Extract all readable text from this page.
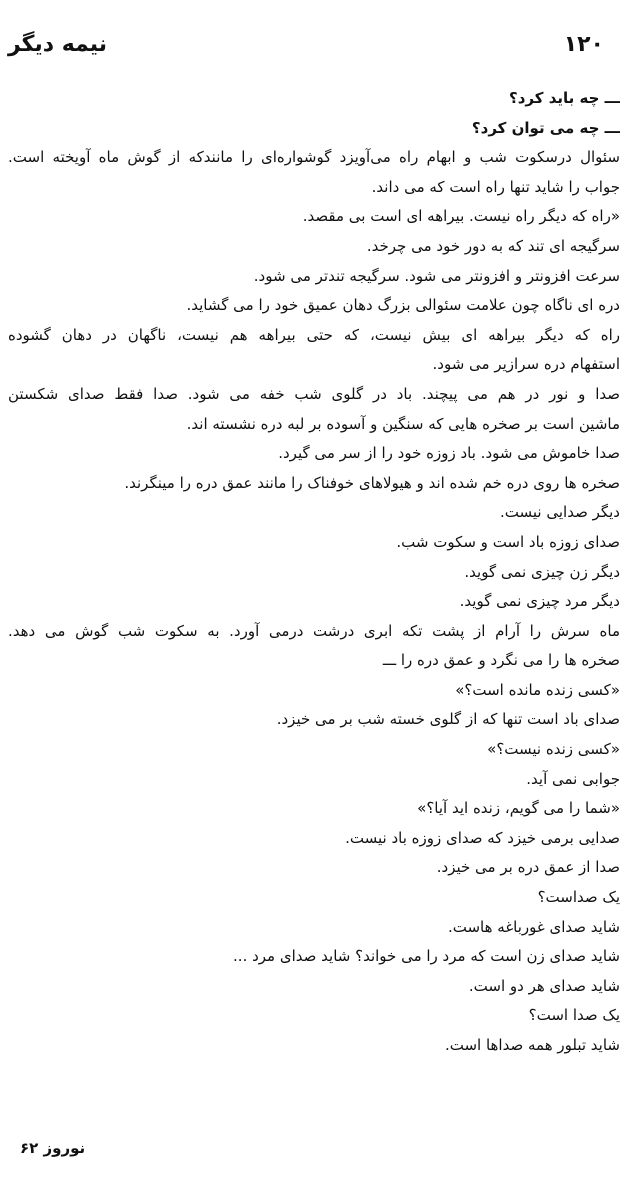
نیمه دیگر	۱۲۰
ـــ چه باید کرد؟
ـــ چه می توان کرد؟
سئوال درسکوت شب و ابهام راه می‌آویزد گوشواره‌ای را مانندکه از گوش ماه آویخته است.
جواب را شاید تنها راه است که می داند.
«راه که دیگر راه نیست. بیراهه ای است بی مقصد.
سرگیجه ای تند که به دور خود می چرخد.
سرعت افزونتر و افزونتر می شود. سرگیجه تندتر می شود.
دره ای ناگاه چون علامت سئوالی بزرگ دهان عمیق خود را می گشاید.
راه که دیگر بیراهه ای بیش نیست، که حتی بیراهه هم نیست، ناگهان در دهان گشوده
استفهام دره سرازیر می شود.
صدا و نور در هم می پیچند. باد در گلوی شب خفه می شود. صدا فقط صدای شکستن
ماشین است بر صخره هایی که سنگین و آسوده بر لبه دره نشسته اند.
صدا خاموش می شود. باد زوزه خود را از سر می گیرد.
صخره ها روی دره خم شده اند و هیولاهای خوفناک را مانند عمق دره را مینگرند.
دیگر صدایی نیست.
صدای زوزه باد است و سکوت شب.
دیگر زن چیزی نمی گوید.
دیگر مرد چیزی نمی گوید.
ماه سرش را آرام از پشت تکه ابری درشت درمی آورد. به سکوت شب گوش می دهد.
صخره ها را می نگرد و عمق دره را ـــ
«کسی زنده مانده است؟»
صدای باد است تنها که از گلوی خسته شب بر می خیزد.
«کسی زنده نیست؟»
جوابی نمی آید.
«شما را می گویم، زنده اید آیا؟»
صدایی برمی خیزد که صدای زوزه باد نیست.
صدا از عمق دره بر می خیزد.
یک صداست؟
شاید صدای غورباغه هاست.
شاید صدای زن است که مرد را می خواند؟ شاید صدای مرد ...
شاید صدای هر دو است.
یک صدا است؟
شاید تبلور همه صداها است.
نوروز ۶۲
